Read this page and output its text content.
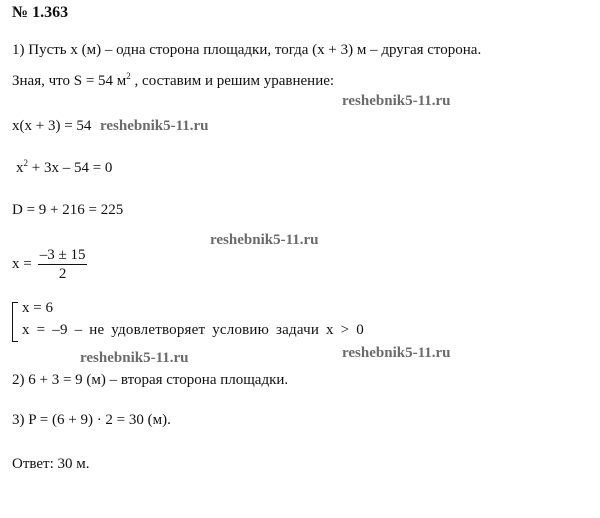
№ 1.363
1) Пусть х (м) – одна сторона площадки, тогда (х + 3) м – другая сторона.
Зная, что S = 54 $м^2$ , составим и решим уравнение:
x(x + 3) = 54
$x^2 + 3x - 54 = 0$
D = 9 + 216 = 225
$x = \frac{-3 \pm 15}{2}$
x = 6
x = –9 – не удовлетворяет условию задачи x > 0
2) 6 + 3 = 9 (м) – вторая сторона площадки.
3) P = (6 + 9) · 2 = 30 (м).
Ответ: 30 м.
reshebnik5-11.ru
reshebnik5-11.ru
reshebnik5-11.ru
reshebnik5-11.ru	reshebnik5-11.ru
